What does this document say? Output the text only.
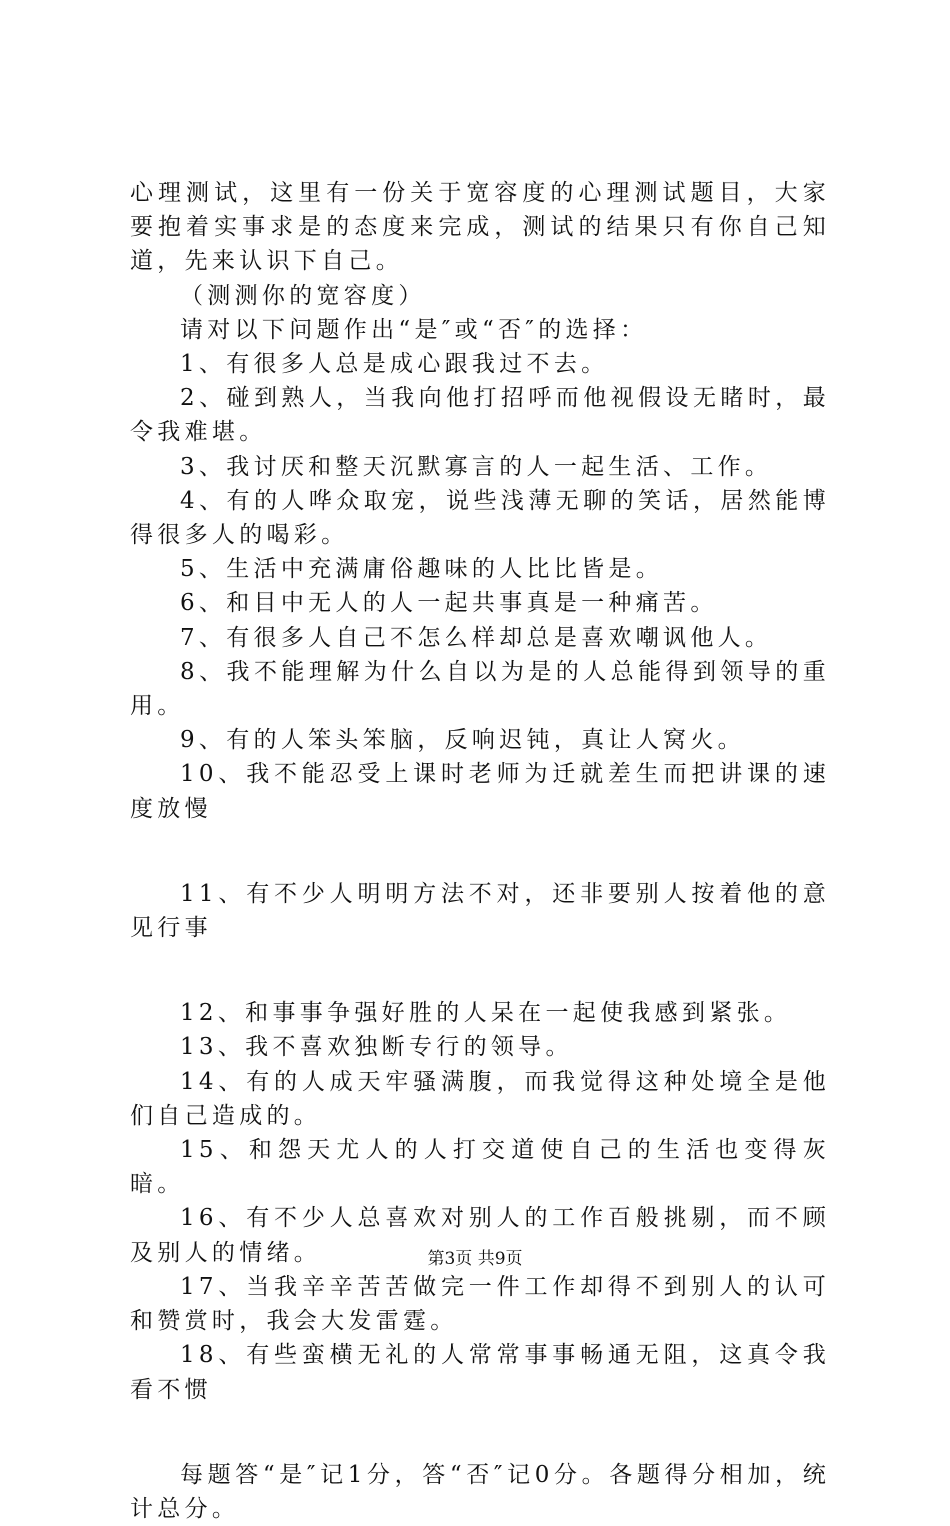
心理测试，这里有一份关于宽容度的心理测试题目，大家要抱着实事求是的态度来完成，测试的结果只有你自己知道，先来认识下自己。

（测测你的宽容度）

请对以下问题作出“是″或“否″的选择：

1、有很多人总是成心跟我过不去。

2、碰到熟人，当我向他打招呼而他视假设无睹时，最令我难堪。

3、我讨厌和整天沉默寡言的人一起生活、工作。

4、有的人哗众取宠，说些浅薄无聊的笑话，居然能博得很多人的喝彩。

5、生活中充满庸俗趣味的人比比皆是。

6、和目中无人的人一起共事真是一种痛苦。

7、有很多人自己不怎么样却总是喜欢嘲讽他人。

8、我不能理解为什么自以为是的人总能得到领导的重用。

9、有的人笨头笨脑，反响迟钝，真让人窝火。

10、我不能忍受上课时老师为迁就差生而把讲课的速度放慢

11、有不少人明明方法不对，还非要别人按着他的意见行事

12、和事事争强好胜的人呆在一起使我感到紧张。

13、我不喜欢独断专行的领导。

14、有的人成天牢骚满腹，而我觉得这种处境全是他们自己造成的。

15、和怨天尤人的人打交道使自己的生活也变得灰暗。

16、有不少人总喜欢对别人的工作百般挑剔，而不顾及别人的情绪。

17、当我辛辛苦苦做完一件工作却得不到别人的认可和赞赏时，我会大发雷霆。

18、有些蛮横无礼的人常常事事畅通无阻，这真令我看不惯

每题答“是″记1分，答“否″记0分。各题得分相加，统计总分。

第3页 共9页
